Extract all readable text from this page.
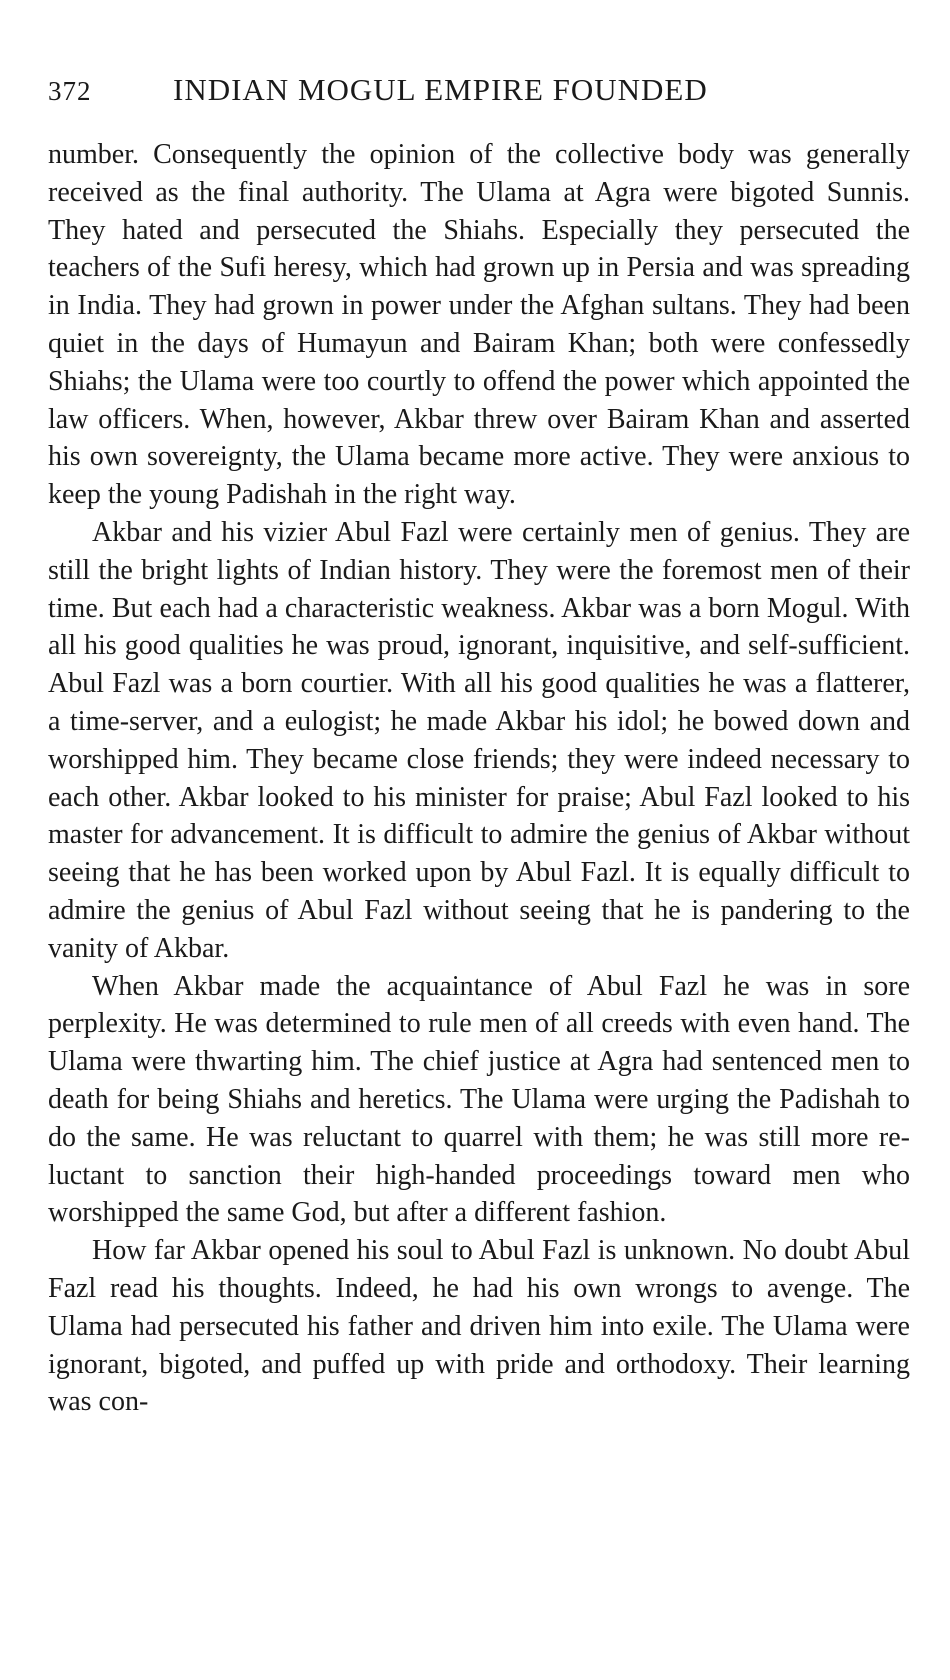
372	INDIAN MOGUL EMPIRE FOUNDED

number. Consequently the opinion of the collective body was generally received as the final authority. The Ulama at Agra were bigoted Sunnis. They hated and persecuted the Shiahs. Especially they persecuted the teachers of the Sufi heresy, which had grown up in Persia and was spreading in India. They had grown in power under the Afghan sultans. They had been quiet in the days of Humayun and Bairam Khan; both were confessedly Shiahs; the Ulama were too courtly to offend the power which appointed the law officers. When, however, Akbar threw over Bairam Khan and asserted his own sovereignty, the Ulama became more active. They were anxious to keep the young Padishah in the right way.

Akbar and his vizier Abul Fazl were certainly men of genius. They are still the bright lights of Indian history. They were the foremost men of their time. But each had a characteristic weakness. Akbar was a born Mogul. With all his good qualities he was proud, ignorant, inquisitive, and self-sufficient. Abul Fazl was a born courtier. With all his good qualities he was a flatterer, a time-server, and a eulogist; he made Akbar his idol; he bowed down and worshipped him. They became close friends; they were indeed necessary to each other. Akbar looked to his minister for praise; Abul Fazl looked to his master for advancement. It is difficult to admire the genius of Akbar without seeing that he has been worked upon by Abul Fazl. It is equally difficult to admire the genius of Abul Fazl without seeing that he is pandering to the vanity of Akbar.

When Akbar made the acquaintance of Abul Fazl he was in sore perplexity. He was determined to rule men of all creeds with even hand. The Ulama were thwarting him. The chief justice at Agra had sentenced men to death for being Shiahs and heretics. The Ulama were urging the Padishah to do the same. He was reluctant to quarrel with them; he was still more reluctant to sanction their high-handed proceedings toward men who worshipped the same God, but after a different fashion.

How far Akbar opened his soul to Abul Fazl is unknown. No doubt Abul Fazl read his thoughts. Indeed, he had his own wrongs to avenge. The Ulama had persecuted his father and driven him into exile. The Ulama were ignorant, bigoted, and puffed up with pride and orthodoxy. Their learning was con-
